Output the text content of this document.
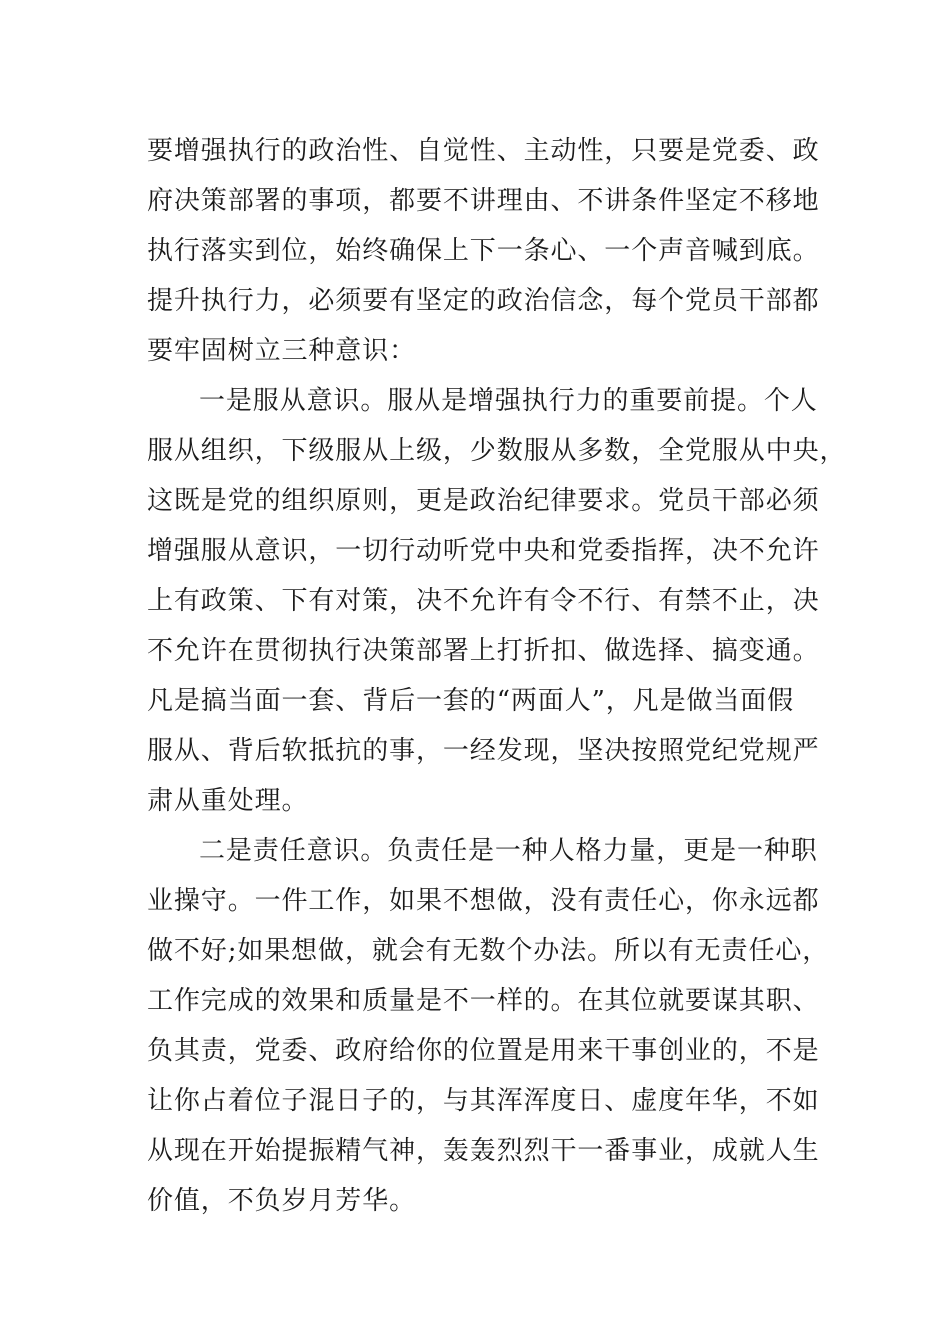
要增强执行的政治性、自觉性、主动性，只要是党委、政
府决策部署的事项，都要不讲理由、不讲条件坚定不移地
执行落实到位，始终确保上下一条心、一个声音喊到底。
提升执行力，必须要有坚定的政治信念，每个党员干部都
要牢固树立三种意识：
一是服从意识。服从是增强执行力的重要前提。个人
服从组织，下级服从上级，少数服从多数，全党服从中央，
这既是党的组织原则，更是政治纪律要求。党员干部必须
增强服从意识，一切行动听党中央和党委指挥，决不允许
上有政策、下有对策，决不允许有令不行、有禁不止，决
不允许在贯彻执行决策部署上打折扣、做选择、搞变通。
凡是搞当面一套、背后一套的“两面人”，凡是做当面假
服从、背后软抵抗的事，一经发现，坚决按照党纪党规严
肃从重处理。
二是责任意识。负责任是一种人格力量，更是一种职
业操守。一件工作，如果不想做，没有责任心，你永远都
做不好;如果想做，就会有无数个办法。所以有无责任心，
工作完成的效果和质量是不一样的。在其位就要谋其职、
负其责，党委、政府给你的位置是用来干事创业的，不是
让你占着位子混日子的，与其浑浑度日、虚度年华，不如
从现在开始提振精气神，轰轰烈烈干一番事业，成就人生
价值，不负岁月芳华。
